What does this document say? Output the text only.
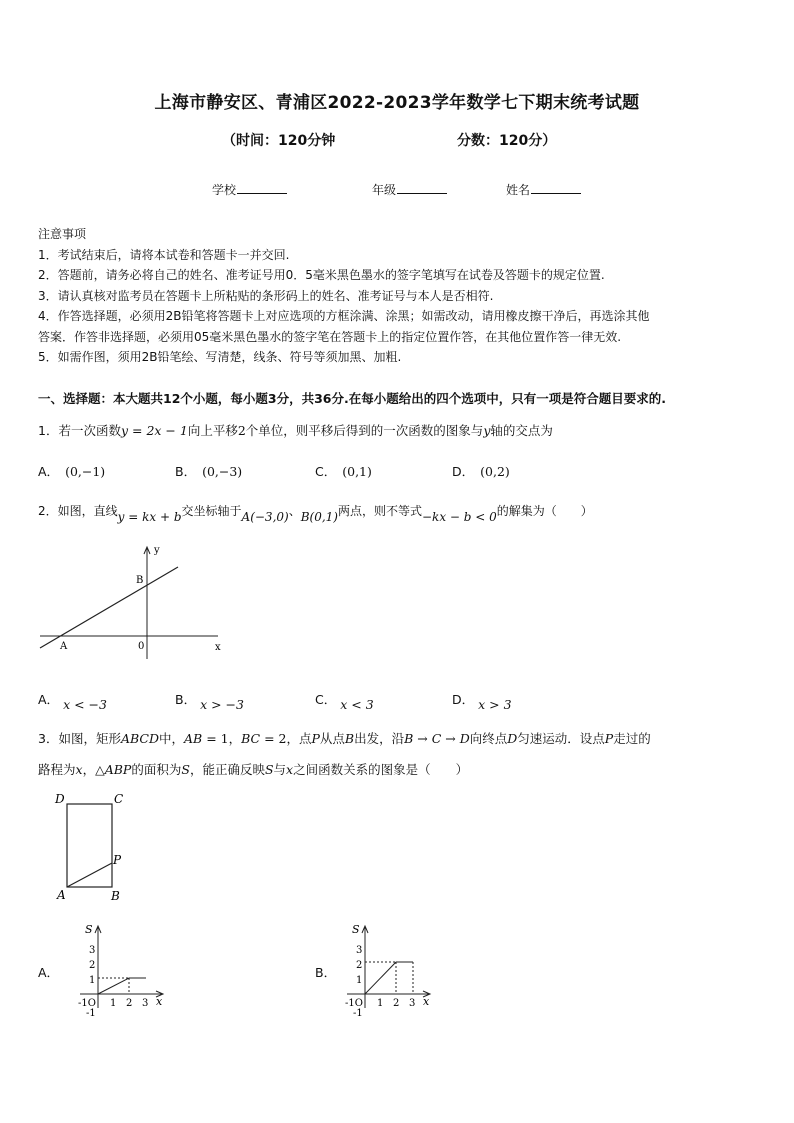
上海市静安区、青浦区2022-2023学年数学七下期末统考试题
（时间：120分钟	分数：120分）
学校	年级	姓名
注意事项
1．考试结束后，请将本试卷和答题卡一并交回.
2．答题前，请务必将自己的姓名、准考证号用0．5毫米黑色墨水的签字笔填写在试卷及答题卡的规定位置.
3．请认真核对监考员在答题卡上所粘贴的条形码上的姓名、准考证号与本人是否相符.
4．作答选择题，必须用2B铅笔将答题卡上对应选项的方框涂满、涂黑；如需改动，请用橡皮擦干净后，再选涂其他
答案．作答非选择题，必须用05毫米黑色墨水的签字笔在答题卡上的指定位置作答，在其他位置作答一律无效.
5．如需作图，须用2B铅笔绘、写清楚，线条、符号等须加黑、加粗.
一、选择题：本大题共12个小题，每小题3分，共36分.在每小题给出的四个选项中，只有一项是符合题目要求的.
1．若一次函数y = 2x − 1向上平移2个单位，则平移后得到的一次函数的图象与y轴的交点为
A． (0,−1)	B． (0,−3)	C． (0,1)	D． (0,2)
2．如图，直线y = kx + b交坐标轴于A(−3,0)、B(0,1)两点，则不等式−kx − b < 0的解集为（　　）
y
x
B
A	0
A． x < −3	B． x > −3	C． x < 3	D． x > 3
3．如图，矩形ABCD中，AB = 1，BC = 2，点P从点B出发，沿B → C → D向终点D匀速运动．设点P走过的
路程为x，△ABP的面积为S，能正确反映S与x之间函数关系的图象是（　　）
D	C
P
A	B
A．
S
3
2
1
-1O
-1
1 2 3 x
B．
S
3
2
1
-1O
-1
1 2 3 x
